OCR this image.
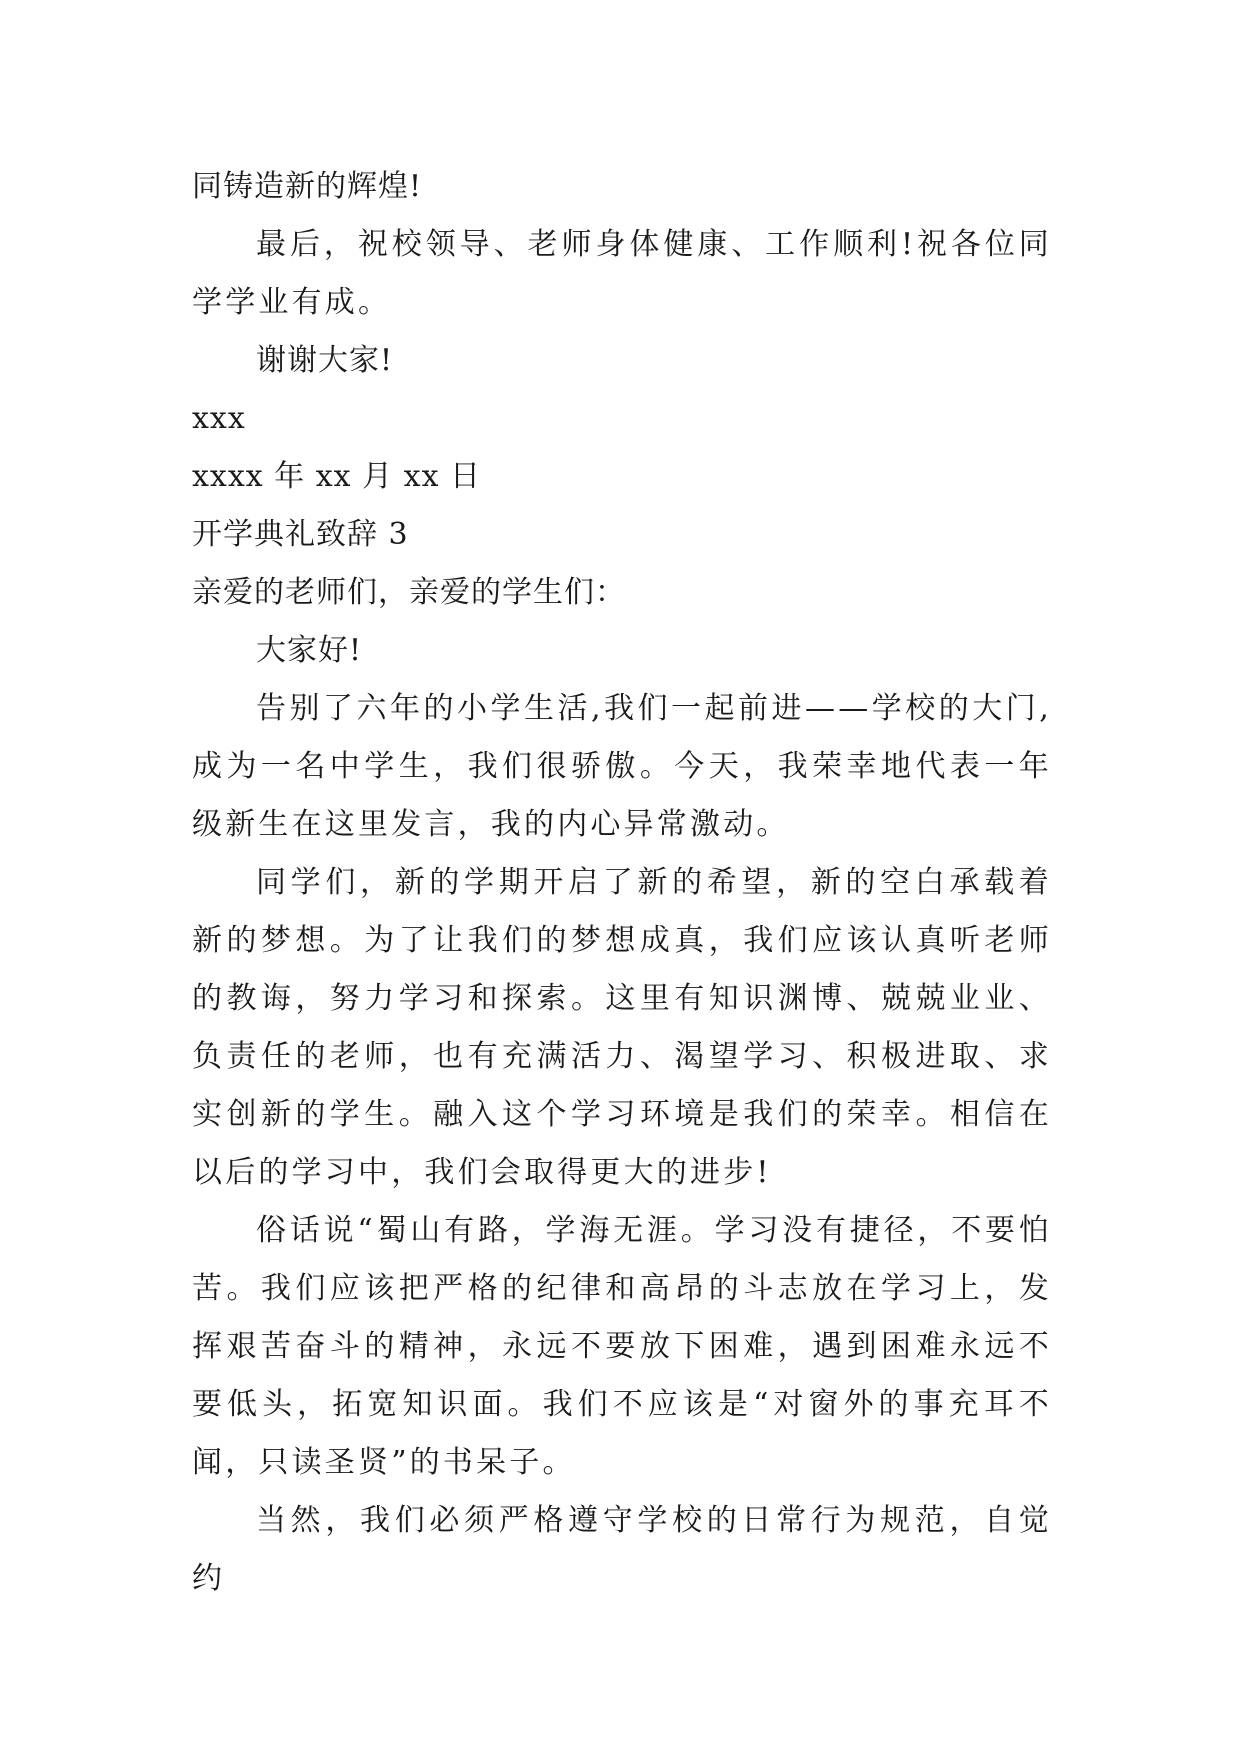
同铸造新的辉煌!

最后，祝校领导、老师身体健康、工作顺利!祝各位同学学业有成。

谢谢大家!

xxx

xxxx 年 xx 月 xx 日

开学典礼致辞 3

亲爱的老师们，亲爱的学生们：

大家好!

告别了六年的小学生活,我们一起前进——学校的大门,成为一名中学生，我们很骄傲。今天，我荣幸地代表一年级新生在这里发言，我的内心异常激动。

同学们，新的学期开启了新的希望，新的空白承载着新的梦想。为了让我们的梦想成真，我们应该认真听老师的教诲，努力学习和探索。这里有知识渊博、兢兢业业、负责任的老师，也有充满活力、渴望学习、积极进取、求实创新的学生。融入这个学习环境是我们的荣幸。相信在以后的学习中，我们会取得更大的进步!

俗话说“蜀山有路，学海无涯。学习没有捷径，不要怕苦。我们应该把严格的纪律和高昂的斗志放在学习上，发挥艰苦奋斗的精神，永远不要放下困难，遇到困难永远不要低头，拓宽知识面。我们不应该是“对窗外的事充耳不闻，只读圣贤”的书呆子。

当然，我们必须严格遵守学校的日常行为规范，自觉约
